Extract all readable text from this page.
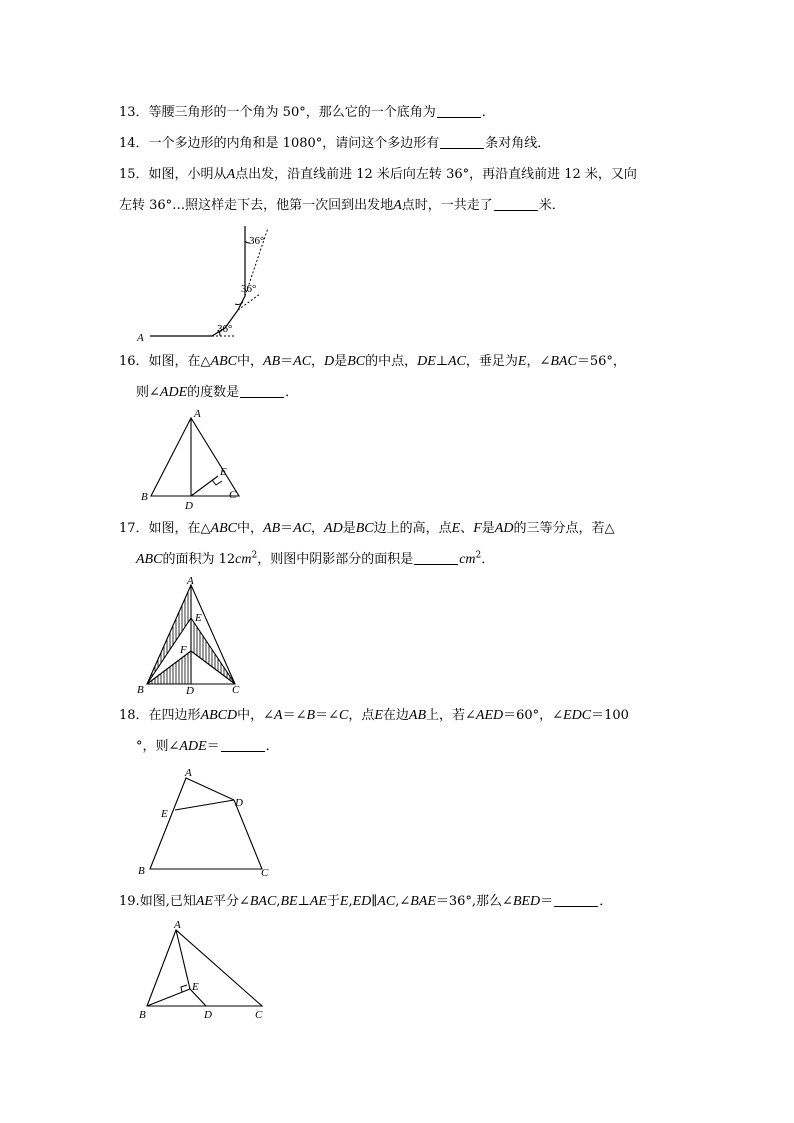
13．等腰三角形的一个角为 50°，那么它的一个底角为	．
14．一个多边形的内角和是 1080°，请问这个多边形有	条对角线．
15．如图，小明从A点出发，沿直线前进 12 米后向左转 36°，再沿直线前进 12 米，又向
左转 36°…照这样走下去，他第一次回到出发地A点时，一共走了	米．
36°
36°
36°
A
16．如图，在△ABC中，AB＝AC，D是BC的中点，DE⊥AC，垂足为E，∠BAC＝56°，
则∠ADE的度数是	．
A
B	C
D
E
17．如图，在△ABC中，AB＝AC，AD是BC边上的高，点E、F是AD的三等分点，若△
ABC的面积为 $12cm^2$，则图中阴影部分的面积是	$cm^2$．
A
B	C
D
E
F
18．在四边形ABCD中，∠A＝∠B＝∠C，点E在边AB上，若∠AED＝60°，∠EDC＝100
°，则∠ADE＝	．
A
B	C
D
E
19.如图,已知AE平分∠BAC,BE⊥AE于E,ED∥AC,∠BAE＝36°,那么∠BED＝	．
A
B	C
D
E
